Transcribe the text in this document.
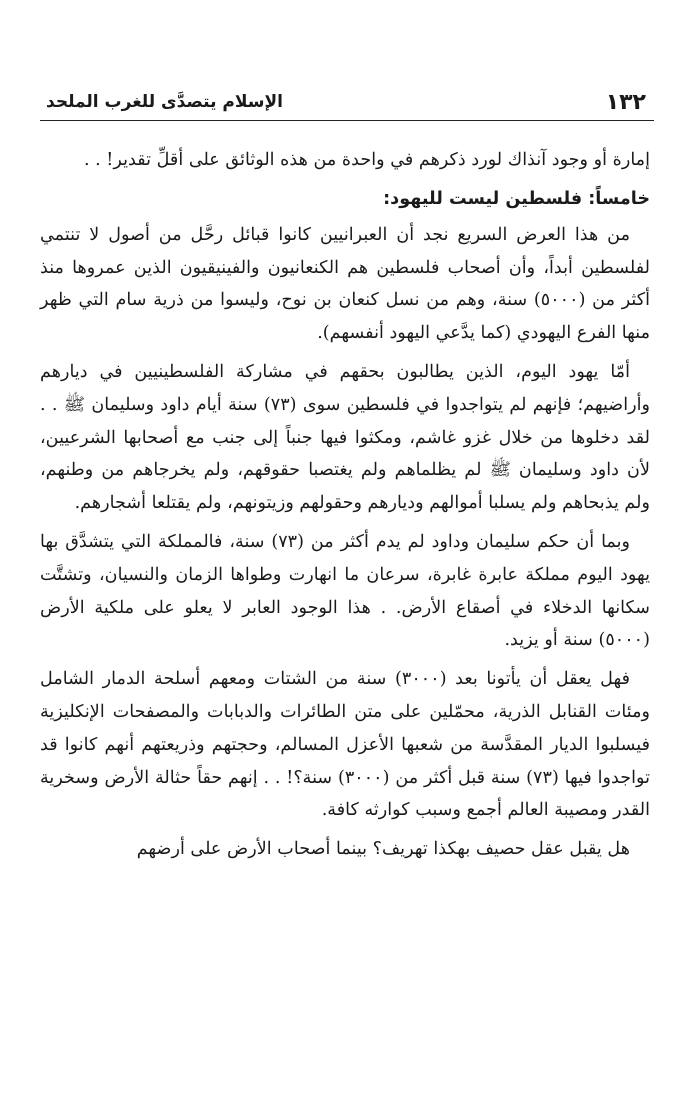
١٣٢
الإسلام يتصدَّى للغرب الملحد

إمارة أو وجود آنذاك لورد ذكرهم في واحدة من هذه الوثائق على أقلِّ تقدير! . .

خامساً: فلسطين ليست لليهود:

من هذا العرض السريع نجد أن العبرانيين كانوا قبائل رحَّل من أصول لا تنتمي لفلسطين أبداً، وأن أصحاب فلسطين هم الكنعانيون والفينيقيون الذين عمروها منذ أكثر من (٥٠٠٠) سنة، وهم من نسل كنعان بن نوح، وليسوا من ذرية سام التي ظهر منها الفرع اليهودي (كما يدَّعي اليهود أنفسهم).

أمّا يهود اليوم، الذين يطالبون بحقهم في مشاركة الفلسطينيين في ديارهم وأراضيهم؛ فإنهم لم يتواجدوا في فلسطين سوى (٧٣) سنة أيام داود وسليمان ﷺ . . لقد دخلوها من خلال غزو غاشم، ومكثوا فيها جنباً إلى جنب مع أصحابها الشرعيين، لأن داود وسليمان ﷺ لم يظلماهم ولم يغتصبا حقوقهم، ولم يخرجاهم من وطنهم، ولم يذبحاهم ولم يسلبا أموالهم وديارهم وحقولهم وزيتونهم، ولم يقتلعا أشجارهم.

وبما أن حكم سليمان وداود لم يدم أكثر من (٧٣) سنة، فالمملكة التي يتشدَّق بها يهود اليوم مملكة عابرة غابرة، سرعان ما انهارت وطواها الزمان والنسيان، وتشتَّت سكانها الدخلاء في أصقاع الأرض. . هذا الوجود العابر لا يعلو على ملكية الأرض (٥٠٠٠) سنة أو يزيد.

فهل يعقل أن يأتونا بعد (٣٠٠٠) سنة من الشتات ومعهم أسلحة الدمار الشامل ومئات القنابل الذرية، محمّلين على متن الطائرات والدبابات والمصفحات الإنكليزية فيسلبوا الديار المقدَّسة من شعبها الأعزل المسالم، وحجتهم وذريعتهم أنهم كانوا قد تواجدوا فيها (٧٣) سنة قبل أكثر من (٣٠٠٠) سنة؟! . . إنهم حقاً حثالة الأرض وسخرية القدر ومصيبة العالم أجمع وسبب كوارثه كافة.

هل يقبل عقل حصيف بهكذا تهريف؟ بينما أصحاب الأرض على أرضهم
